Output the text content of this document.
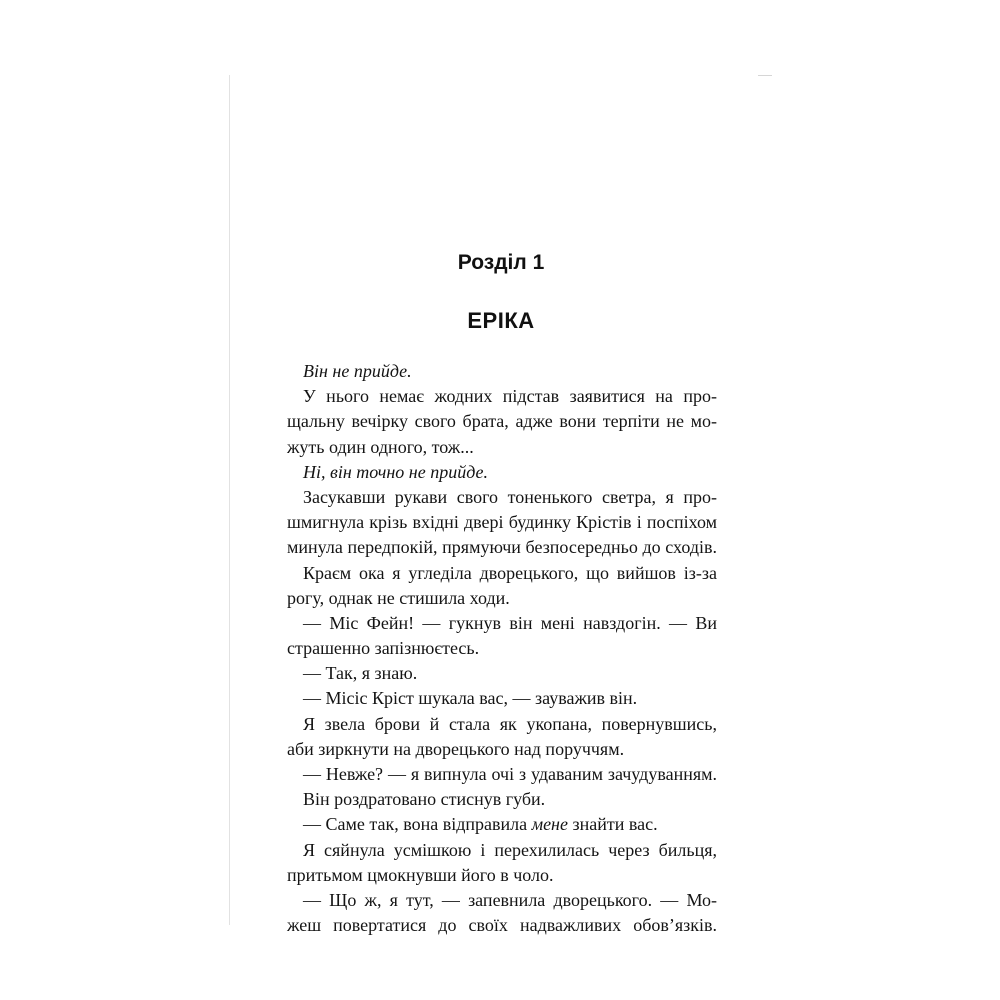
Розділ 1
ЕРІКА
Він не прийде.
У нього немає жодних підстав заявитися на про-
щальну вечірку свого брата, адже вони терпіти не мо-
жуть один одного, тож...
Ні, він точно не прийде.
Засукавши рукави свого тоненького светра, я про-
шмигнула крізь вхідні двері будинку Крістів і поспіхом
минула передпокій, прямуючи безпосередньо до сходів.
Краєм ока я угледіла дворецького, що вийшов із-за
рогу, однак не стишила ходи.
— Міс Фейн! — гукнув він мені навздогін. — Ви
страшенно запізнюєтесь.
— Так, я знаю.
— Місіс Кріст шукала вас, — зауважив він.
Я звела брови й стала як укопана, повернувшись,
аби зиркнути на дворецького над поруччям.
— Невже? — я випнула очі з удаваним зачудуванням.
Він роздратовано стиснув губи.
— Саме так, вона відправила мене знайти вас.
Я сяйнула усмішкою і перехилилась через бильця,
притьмом цмокнувши його в чоло.
— Що ж, я тут, — запевнила дворецького. — Мо-
жеш повертатися до своїх надважливих обов’язків.
